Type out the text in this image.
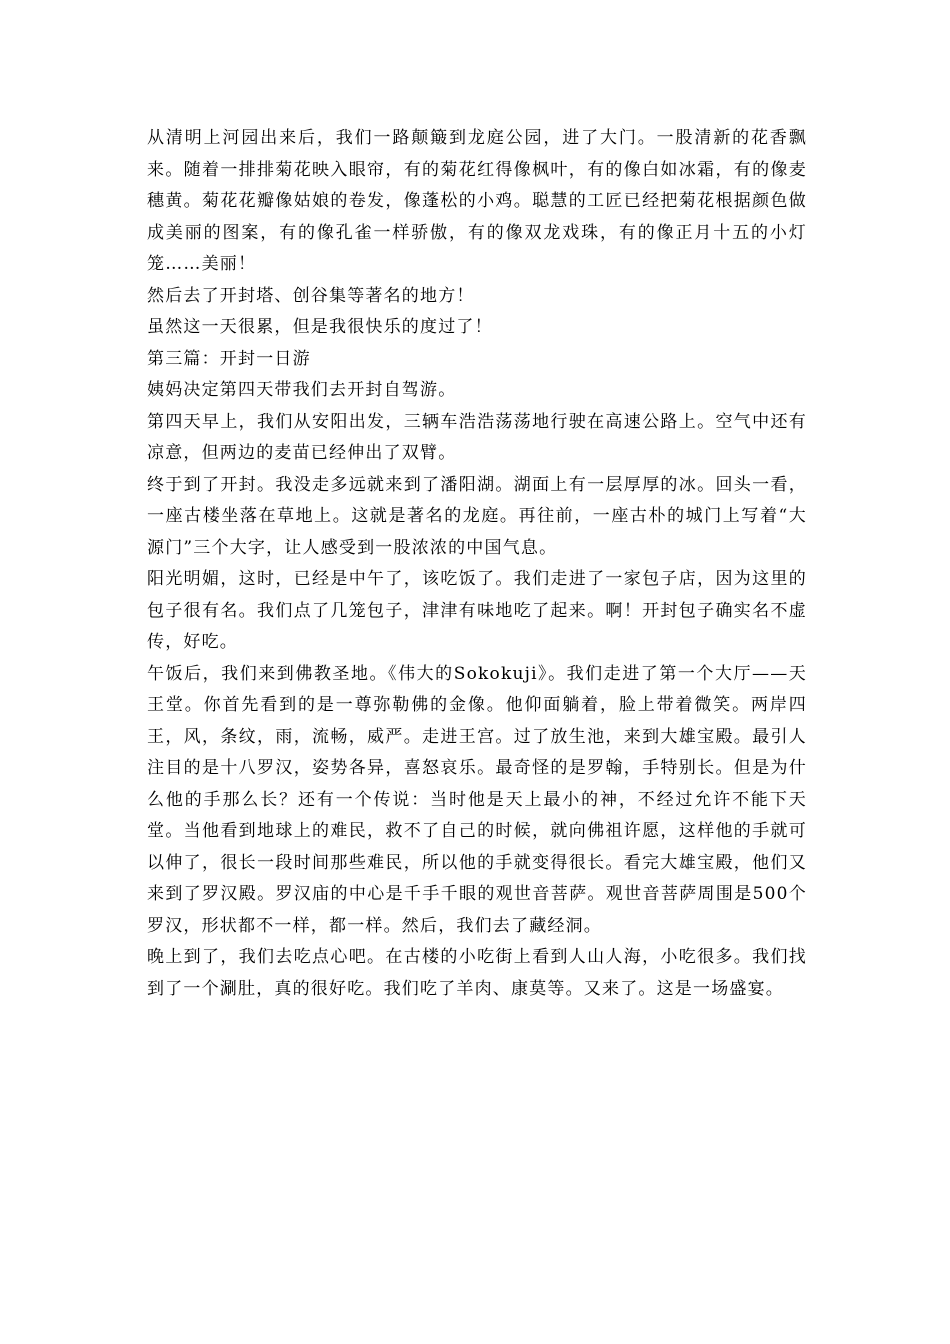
从清明上河园出来后，我们一路颠簸到龙庭公园，进了大门。一股清新的花香飘来。随着一排排菊花映入眼帘，有的菊花红得像枫叶，有的像白如冰霜，有的像麦穗黄。菊花花瓣像姑娘的卷发，像蓬松的小鸡。聪慧的工匠已经把菊花根据颜色做成美丽的图案，有的像孔雀一样骄傲，有的像双龙戏珠，有的像正月十五的小灯笼……美丽！

然后去了开封塔、创谷集等著名的地方！

虽然这一天很累，但是我很快乐的度过了！

第三篇：开封一日游

姨妈决定第四天带我们去开封自驾游。

第四天早上，我们从安阳出发，三辆车浩浩荡荡地行驶在高速公路上。空气中还有凉意，但两边的麦苗已经伸出了双臂。

终于到了开封。我没走多远就来到了潘阳湖。湖面上有一层厚厚的冰。回头一看，一座古楼坐落在草地上。这就是著名的龙庭。再往前，一座古朴的城门上写着“大源门”三个大字，让人感受到一股浓浓的中国气息。

阳光明媚，这时，已经是中午了，该吃饭了。我们走进了一家包子店，因为这里的包子很有名。我们点了几笼包子，津津有味地吃了起来。啊！开封包子确实名不虚传，好吃。

午饭后，我们来到佛教圣地。《伟大的Sokokuji》。我们走进了第一个大厅——天王堂。你首先看到的是一尊弥勒佛的金像。他仰面躺着，脸上带着微笑。两岸四王，风，条纹，雨，流畅，威严。走进王宫。过了放生池，来到大雄宝殿。最引人注目的是十八罗汉，姿势各异，喜怒哀乐。最奇怪的是罗翰，手特别长。但是为什么他的手那么长？还有一个传说：当时他是天上最小的神，不经过允许不能下天堂。当他看到地球上的难民，救不了自己的时候，就向佛祖许愿，这样他的手就可以伸了，很长一段时间那些难民，所以他的手就变得很长。看完大雄宝殿，他们又来到了罗汉殿。罗汉庙的中心是千手千眼的观世音菩萨。观世音菩萨周围是500个罗汉，形状都不一样，都一样。然后，我们去了藏经洞。

晚上到了，我们去吃点心吧。在古楼的小吃街上看到人山人海，小吃很多。我们找到了一个涮肚，真的很好吃。我们吃了羊肉、康莫等。又来了。这是一场盛宴。
